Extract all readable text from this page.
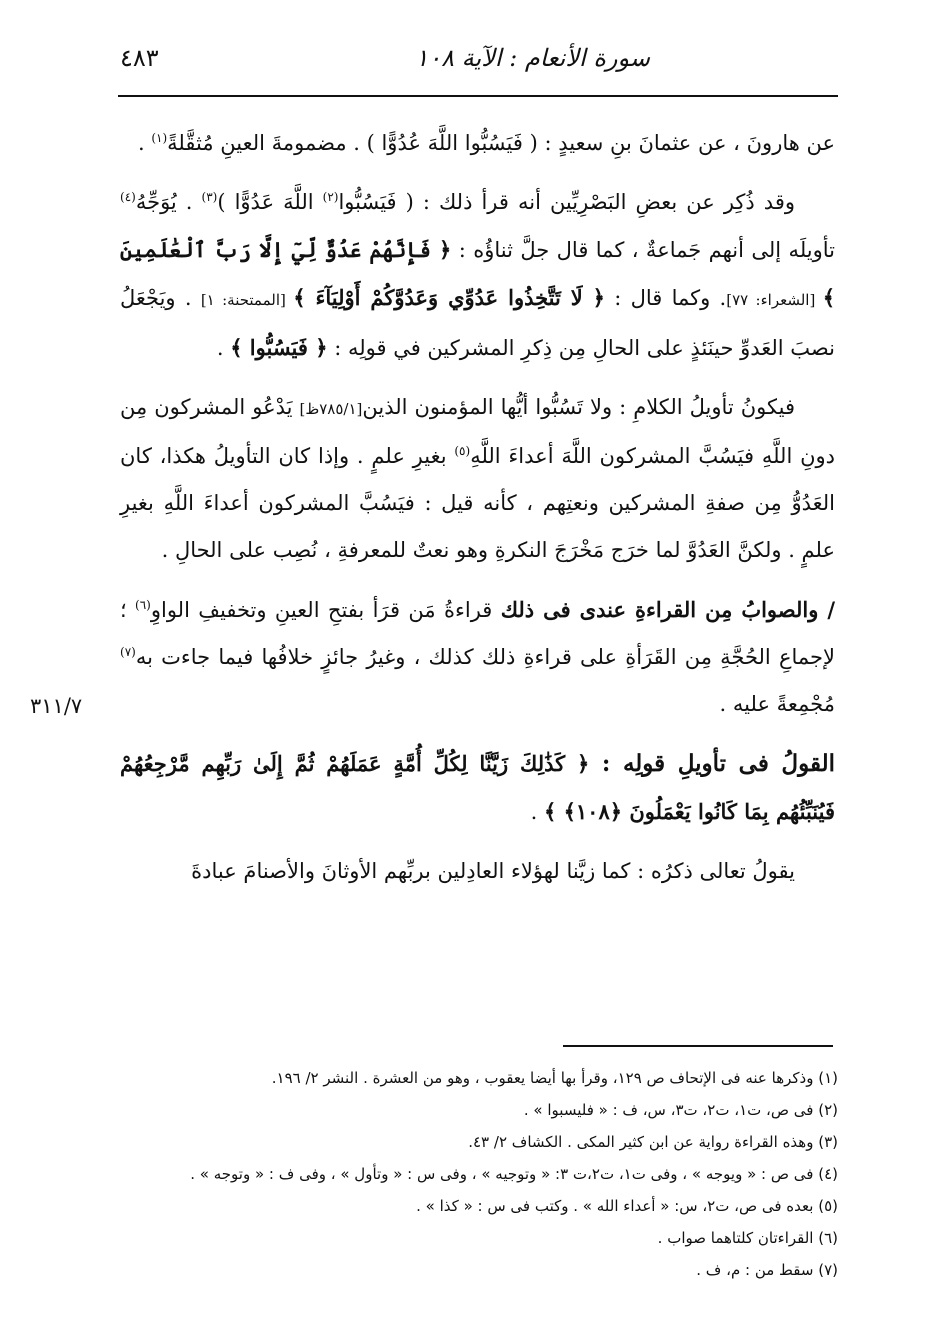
سورة الأنعام : الآية ١٠٨
٤٨٣
٣١١/٧

عن هارونَ ، عن عثمانَ بنِ سعيدٍ : ( فَيَسُبُّوا اللَّهَ عُدُوًّا ) . مضمومةَ العينِ مُثقَّلةً$^{(١)}$ .

وقد ذُكِر عن بعضِ البَصْرِيِّين أنه قرأ ذلك : ( فَيَسُبُّوا$^{(٢)}$ اللَّهَ عَدُوًّا )$^{(٣)}$ . يُوَجِّهُ$^{(٤)}$ تأويلَه إلى أنهم جَماعةٌ ، كما قال جلَّ ثناؤُه : ﴿ فَإِنَّهُمْ عَدُوٌّ لِّيٓ إِلَّا رَبَّ ٱلْعَٰلَمِينَ ﴾ [الشعراء: ٧٧]. وكما قال : ﴿ لَا تَتَّخِذُوا عَدُوِّي وَعَدُوَّكُمْ أَوْلِيَآءَ ﴾ [الممتحنة: ١] . ويَجْعَلُ نصبَ العَدوِّ حينَئذٍ على الحالِ مِن ذِكرِ المشركين في قولِه : ﴿ فَيَسُبُّوا ﴾ .

فيكونُ تأويلُ الكلامِ : ولا تَسُبُّوا أيُّها المؤمنون الذين[٧٨٥/١ظ] يَدْعُو المشركون مِن دونِ اللَّهِ فيَسُبَّ المشركون اللَّهَ أعداءَ اللَّهِ$^{(٥)}$ بغيرِ علمٍ . وإذا كان التأويلُ هكذا، كان العَدُوُّ مِن صفةِ المشركين ونعتِهم ، كأنه قيل : فيَسُبَّ المشركون أعداءَ اللَّهِ بغيرِ علمٍ . ولكنَّ العَدُوَّ لما خرَج مَخْرَجَ النكرةِ وهو نعتٌ للمعرفةِ ، نُصِب على الحالِ .

/ والصوابُ مِن القراءةِ عندى فى ذلك قراءةُ مَن قرَأ بفتحِ العينِ وتخفيفِ الواوِ$^{(٦)}$ ؛ لإجماعِ الحُجَّةِ مِن القَرَأةِ على قراءةِ ذلك كذلك ، وغيرُ جائزٍ خلافُها فيما جاءت به$^{(٧)}$ مُجْمِعةً عليه .

القولُ فى تأويلِ قولِه : ﴿ كَذَٰلِكَ زَيَّنَّا لِكُلِّ أُمَّةٍ عَمَلَهُمْ ثُمَّ إِلَىٰ رَبِّهِم مَّرْجِعُهُمْ فَيُنَبِّئُهُم بِمَا كَانُوا يَعْمَلُونَ ﴿١٠٨﴾ ﴾ .

يقولُ تعالى ذكرُه : كما زيَّنا لهؤلاء العادِلين بربِّهم الأوثانَ والأصنامَ عبادةَ

(١) وذكرها عنه فى الإتحاف ص ١٢٩، وقرأ بها أيضا يعقوب ، وهو من العشرة . النشر ٢/ ١٩٦.

(٢) فى ص، ت١، ت٢، ت٣، س، ف : « فليسبوا » .

(٣) وهذه القراءة رواية عن ابن كثير المكى . الكشاف ٢/ ٤٣.

(٤) فى ص : « ويوجه » ، وفى ت١، ت٢،ت ٣: « وتوجيه » ، وفى س : « وتأول » ، وفى ف : « وتوجه » .

(٥) بعده فى ص، ت٢، س: « أعداء الله » . وكتب فى س : « كذا » .

(٦) القراءتان كلتاهما صواب .

(٧) سقط من : م، ف .
